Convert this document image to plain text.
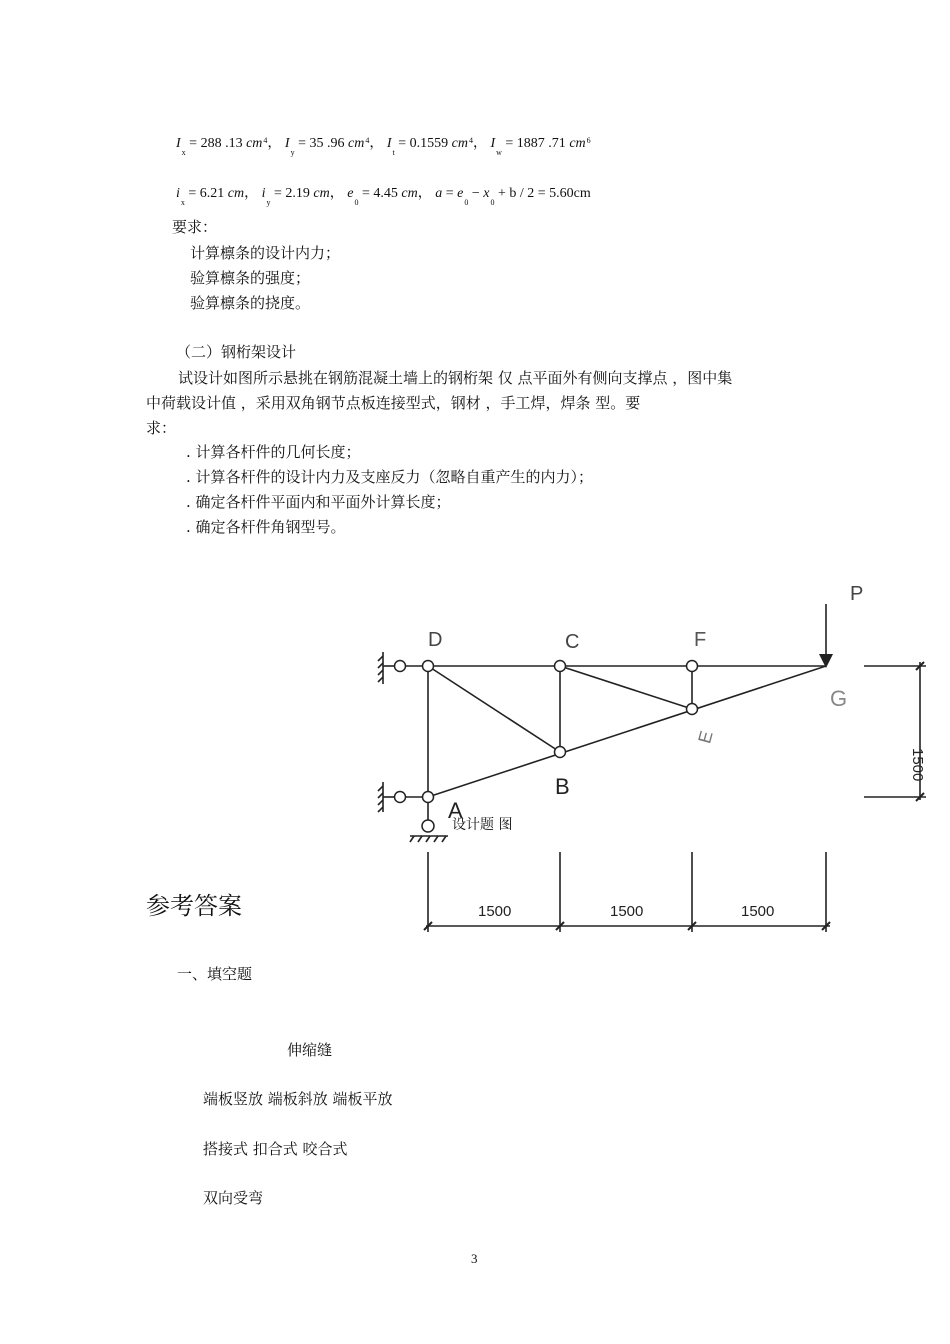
$I_x = 288$ .13 $cm^4$， $I_y = 35$ .96 $cm^4$， $I_t = 0.1559$ $cm^4$， $I_w = 1887$ .71 $cm^6$
$i_x = 6.21$ cm， $i_y = 2.19$ cm， $e_0 = 4.45$ cm， $a = e_0 - x_0 + b / 2 = 5.60cm$
要求：
计算檩条的设计内力；
验算檩条的强度；
验算檩条的挠度。
（二）钢桁架设计
试设计如图所示悬挑在钢筋混凝土墙上的钢桁架 仅 点平面外有侧向支撑点 ，图中集
中荷载设计值 ，采用双角钢节点板连接型式，钢材 ，手工焊，焊条 型。要
求：
. 计算各杆件的几何长度；
. 计算各杆件的设计内力及支座反力（忽略自重产生的内力）；
. 确定各杆件平面内和平面外计算长度；
. 确定各杆件角钢型号。
P
D	C	F
G
E
B
A
1500	1500	1500
1500
设计题 图
参考答案
一、填空题
伸缩缝
端板竖放 端板斜放 端板平放
搭接式 扣合式 咬合式
双向受弯
3
